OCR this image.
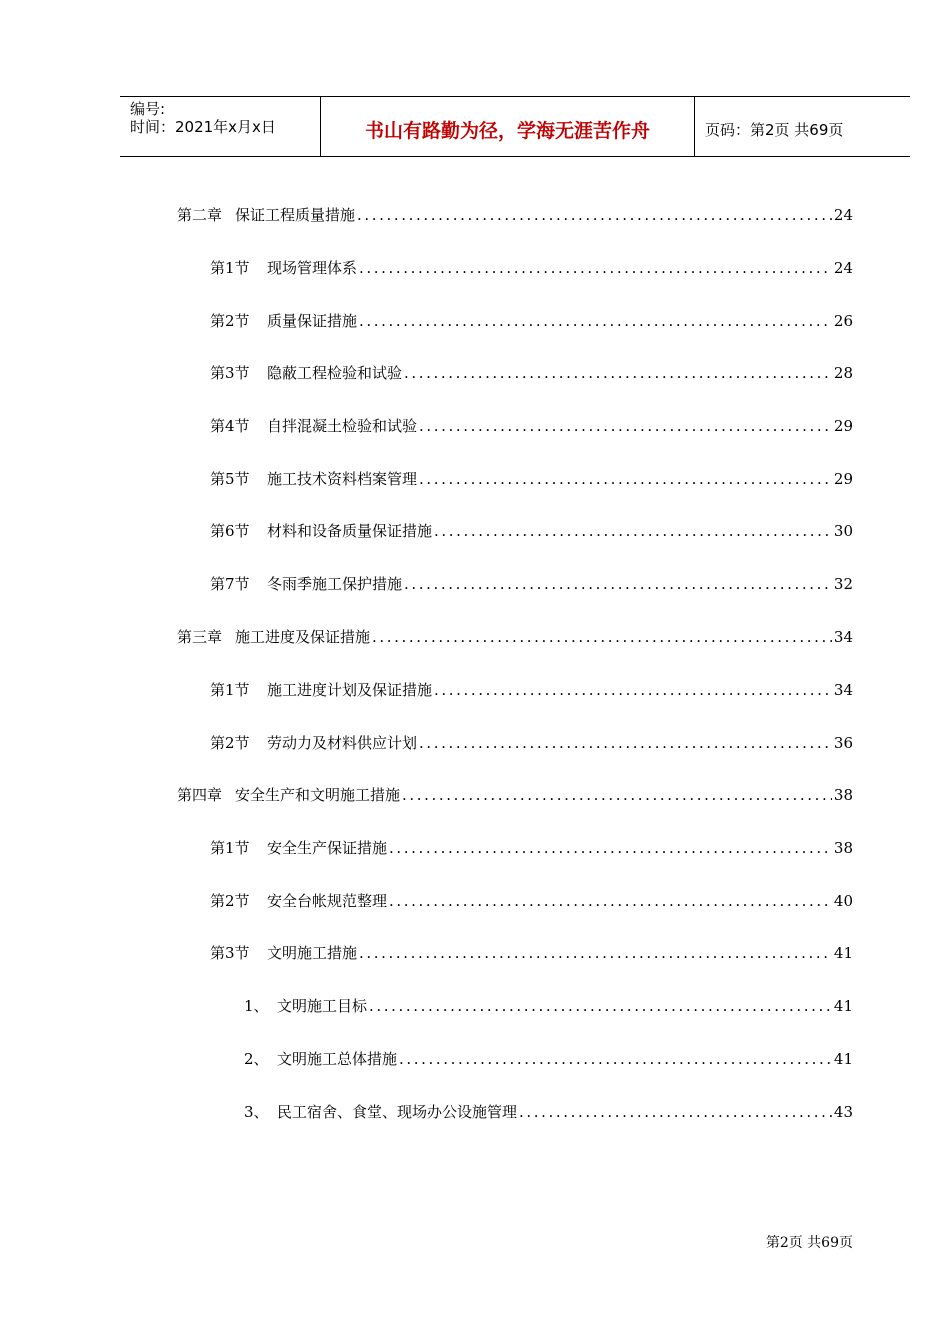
编号:
时间：2021年x月x日	书山有路勤为径，学海无涯苦作舟	页码：第2页 共69页
第二章 保证工程质量措施 .....	24
第1节	现场管理体系 .....	24
第2节	质量保证措施 .....	26
第3节	隐蔽工程检验和试验 .....	28
第4节	自拌混凝土检验和试验 .....	29
第5节	施工技术资料档案管理 .....	29
第6节	材料和设备质量保证措施 .....	30
第7节	冬雨季施工保护措施 .....	32
第三章 施工进度及保证措施 .....	34
第1节	施工进度计划及保证措施 .....	34
第2节	劳动力及材料供应计划 .....	36
第四章 安全生产和文明施工措施 .....	38
第1节	安全生产保证措施 .....	38
第2节	安全台帐规范整理 .....	40
第3节	文明施工措施 .....	41
1、 文明施工目标 .....	41
2、 文明施工总体措施 .....	41
3、 民工宿舍、食堂、现场办公设施管理 .....	43
第2页 共69页
